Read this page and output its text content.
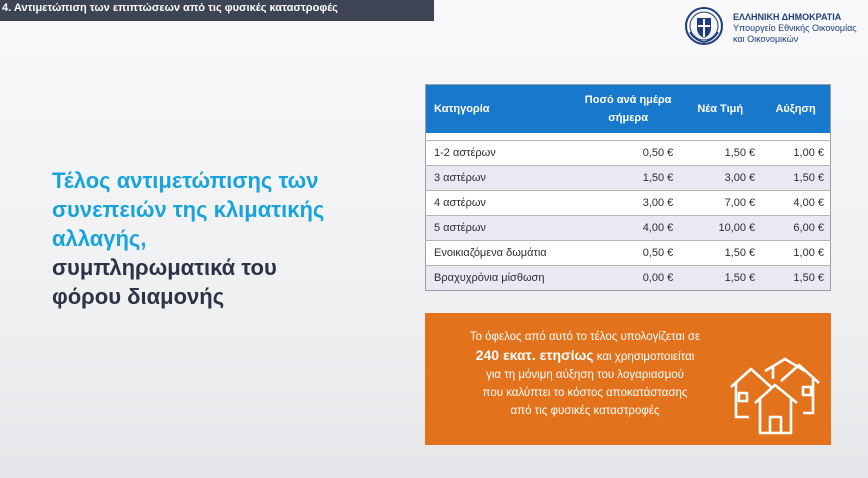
4. Αντιμετώπιση των επιπτώσεων από τις φυσικές καταστροφές
ΕΛΛΗΝΙΚΗ ΔΗΜΟΚΡΑΤΙΑ
Υπουργείο Εθνικής Οικονομίας
και Οικονομικών
Τέλος αντιμετώπισης των
συνεπειών της κλιματικής
αλλαγής,
συμπληρωματικά του
φόρου διαμονής
Κατηγορία	Ποσό ανά ημέρα σήμερα	Νέα Τιμή	Αύξηση

1-2 αστέρων	0,50 €	1,50 €	1,00 €
3 αστέρων	1,50 €	3,00 €	1,50 €
4 αστέρων	3,00 €	7,00 €	4,00 €
5 αστέρων	4,00 €	10,00 €	6,00 €
Ενοικιαζόμενα δωμάτια	0,50 €	1,50 €	1,00 €
Βραχυχρόνια μίσθωση	0,00 €	1,50 €	1,50 €
Το όφελος από αυτό το τέλος υπολογίζεται σε
240 εκατ. ετησίως και χρησιμοποιείται
για τη μόνιμη αύξηση του λογαριασμού
που καλύπτει το κόστος αποκατάστασης
από τις φυσικές καταστροφές
